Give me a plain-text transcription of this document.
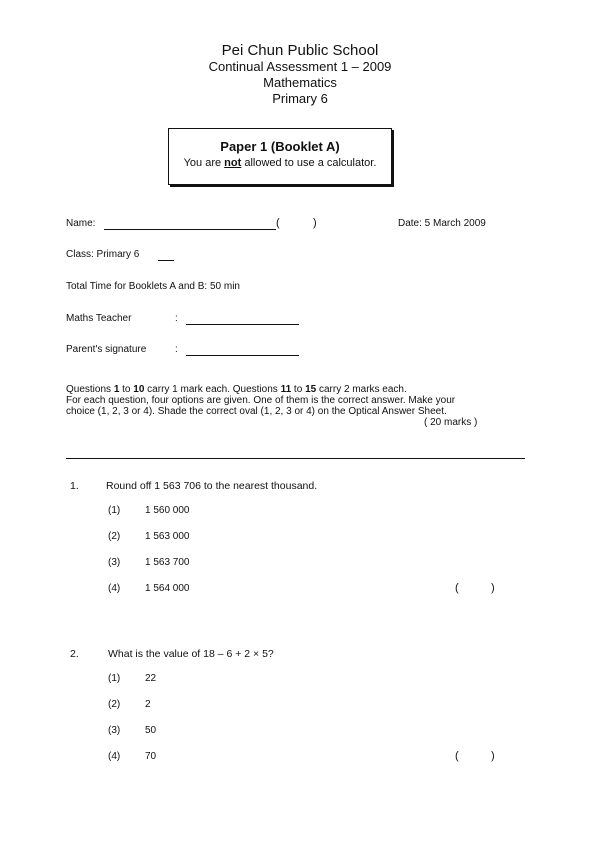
Pei Chun Public School
Continual Assessment 1 – 2009
Mathematics
Primary 6
Paper 1 (Booklet A)
You are not allowed to use a calculator.
Name:	(	)	Date: 5 March 2009
Class: Primary 6
Total Time for Booklets A and B: 50 min
Maths Teacher	:
Parent's signature	:
Questions 1 to 10 carry 1 mark each. Questions 11 to 15 carry 2 marks each.
For each question, four options are given. One of them is the correct answer. Make your
choice (1, 2, 3 or 4). Shade the correct oval (1, 2, 3 or 4) on the Optical Answer Sheet.
( 20 marks )
1.	Round off 1 563 706 to the nearest thousand.
(1) 1 560 000
(2) 1 563 000
(3) 1 563 700
(4) 1 564 000	(	)
2.	What is the value of 18 – 6 + 2 × 5?
(1) 22
(2) 2
(3) 50
(4) 70	(	)
